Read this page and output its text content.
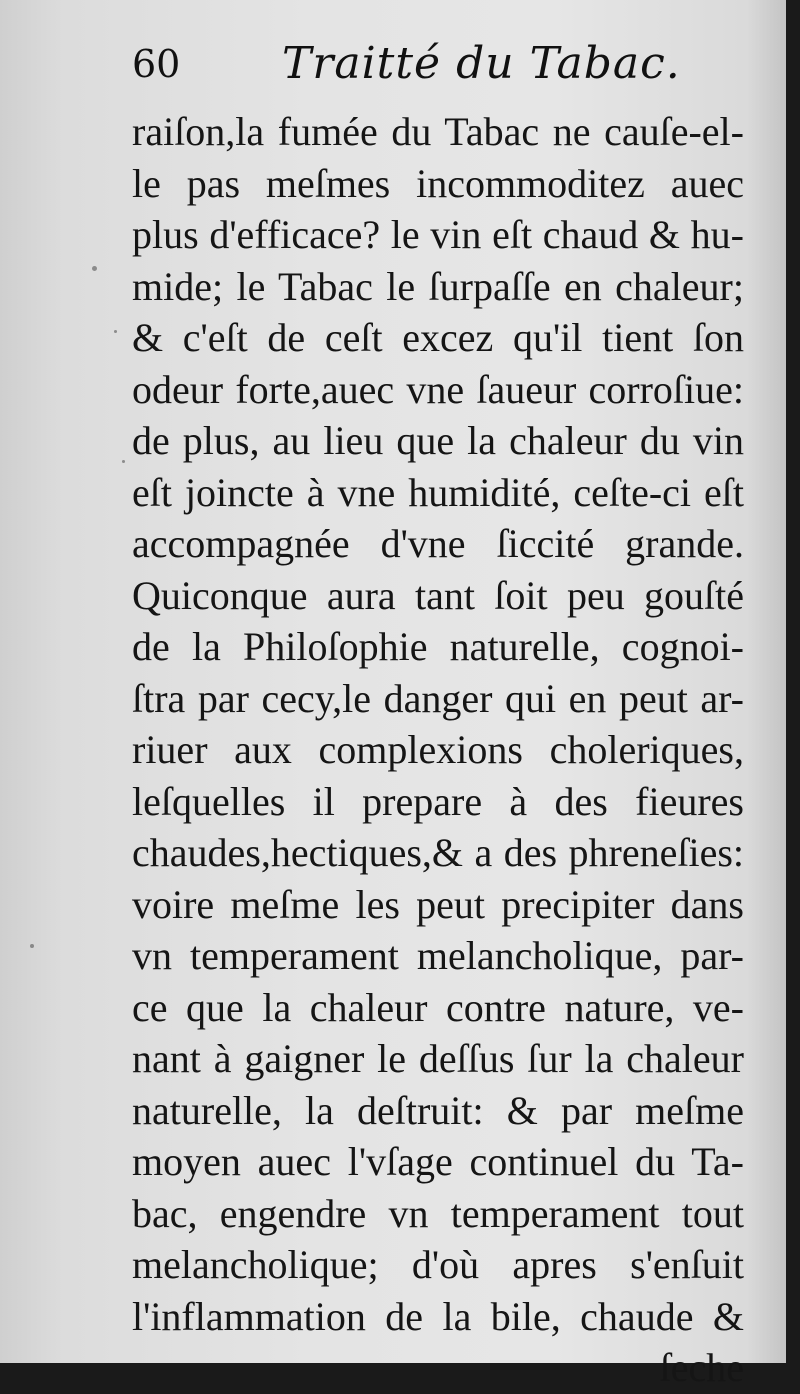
60 Traitté du Tabac.
raiſon,la fumée du Tabac ne cauſe-el-
le pas meſmes incommoditez auec
plus d'efficace? le vin eſt chaud & hu-
mide; le Tabac le ſurpaſſe en chaleur;
& c'eſt de ceſt excez qu'il tient ſon
odeur forte,auec vne ſaueur corroſiue:
de plus, au lieu que la chaleur du vin
eſt joincte à vne humidité, ceſte-ci eſt
accompagnée d'vne ſiccité grande.
Quiconque aura tant ſoit peu gouſté
de la Philoſophie naturelle, cognoi-
ſtra par cecy,le danger qui en peut ar-
riuer aux complexions choleriques,
leſquelles il prepare à des fieures
chaudes,hectiques,& a des phreneſies:
voire meſme les peut precipiter dans
vn temperament melancholique, par-
ce que la chaleur contre nature, ve-
nant à gaigner le deſſus ſur la chaleur
naturelle, la deſtruit: & par meſme
moyen auec l'vſage continuel du Ta-
bac, engendre vn temperament tout
melancholique; d'où apres s'enſuit
l'inflammation de la bile, chaude &
ſeche
